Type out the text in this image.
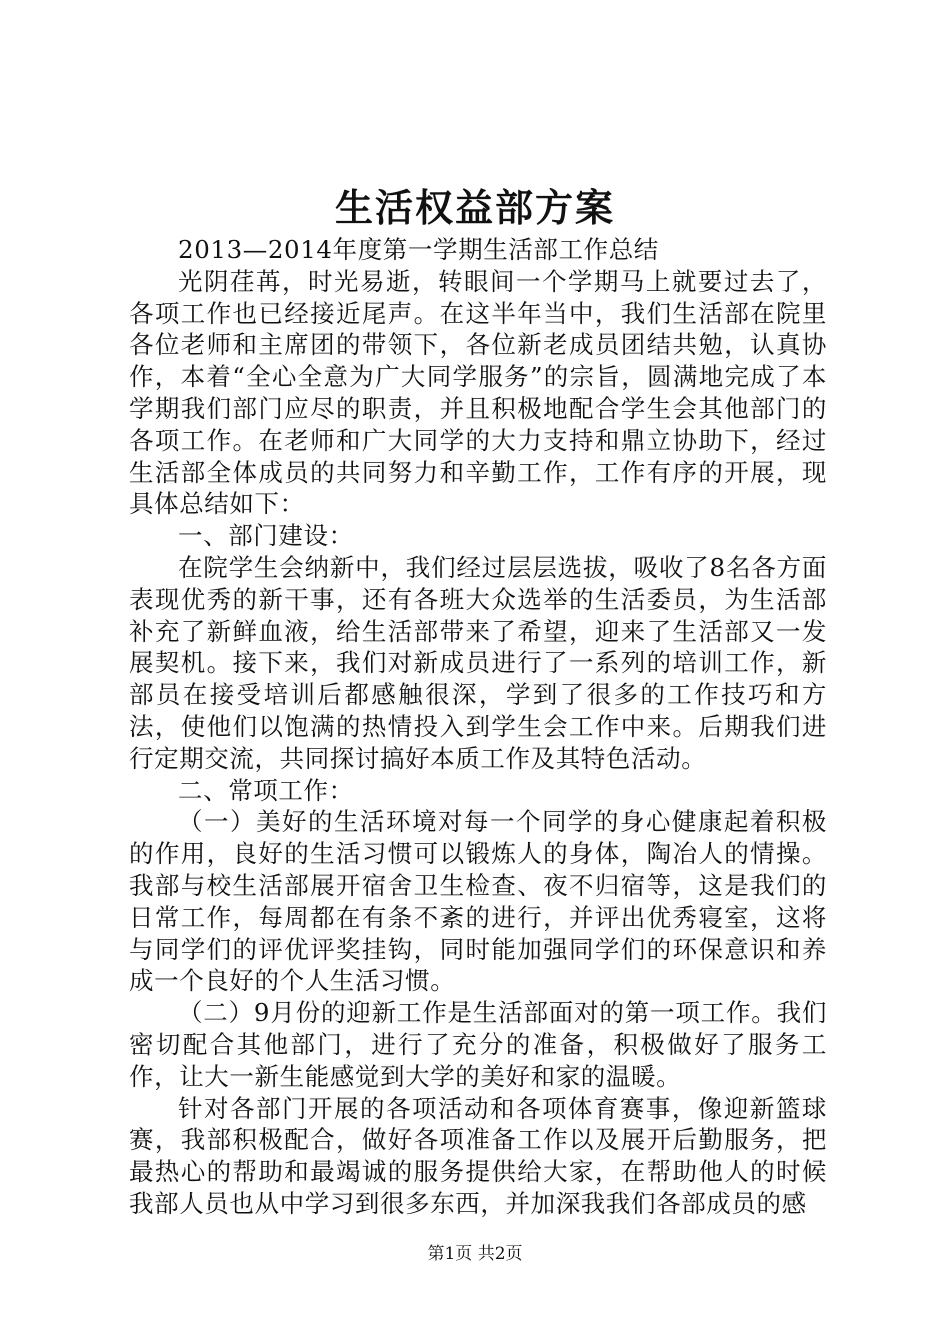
生活权益部方案

2013—2014年度第一学期生活部工作总结

光阴荏苒，时光易逝，转眼间一个学期马上就要过去了，各项工作也已经接近尾声。在这半年当中，我们生活部在院里各位老师和主席团的带领下，各位新老成员团结共勉，认真协作，本着“全心全意为广大同学服务”的宗旨，圆满地完成了本学期我们部门应尽的职责，并且积极地配合学生会其他部门的各项工作。在老师和广大同学的大力支持和鼎立协助下，经过生活部全体成员的共同努力和辛勤工作，工作有序的开展，现具体总结如下：

一、部门建设：

在院学生会纳新中，我们经过层层选拔，吸收了8名各方面表现优秀的新干事，还有各班大众选举的生活委员，为生活部补充了新鲜血液，给生活部带来了希望，迎来了生活部又一发展契机。接下来，我们对新成员进行了一系列的培训工作，新部员在接受培训后都感触很深，学到了很多的工作技巧和方法，使他们以饱满的热情投入到学生会工作中来。后期我们进行定期交流，共同探讨搞好本质工作及其特色活动。

二、常项工作：

（一）美好的生活环境对每一个同学的身心健康起着积极的作用，良好的生活习惯可以锻炼人的身体，陶冶人的情操。我部与校生活部展开宿舍卫生检查、夜不归宿等，这是我们的日常工作，每周都在有条不紊的进行，并评出优秀寝室，这将与同学们的评优评奖挂钩，同时能加强同学们的环保意识和养成一个良好的个人生活习惯。

（二）9月份的迎新工作是生活部面对的第一项工作。我们密切配合其他部门，进行了充分的准备，积极做好了服务工作，让大一新生能感觉到大学的美好和家的温暖。

针对各部门开展的各项活动和各项体育赛事，像迎新篮球赛，我部积极配合，做好各项准备工作以及展开后勤服务，把最热心的帮助和最竭诚的服务提供给大家，在帮助他人的时候我部人员也从中学习到很多东西，并加深我我们各部成员的感

第1页 共2页
